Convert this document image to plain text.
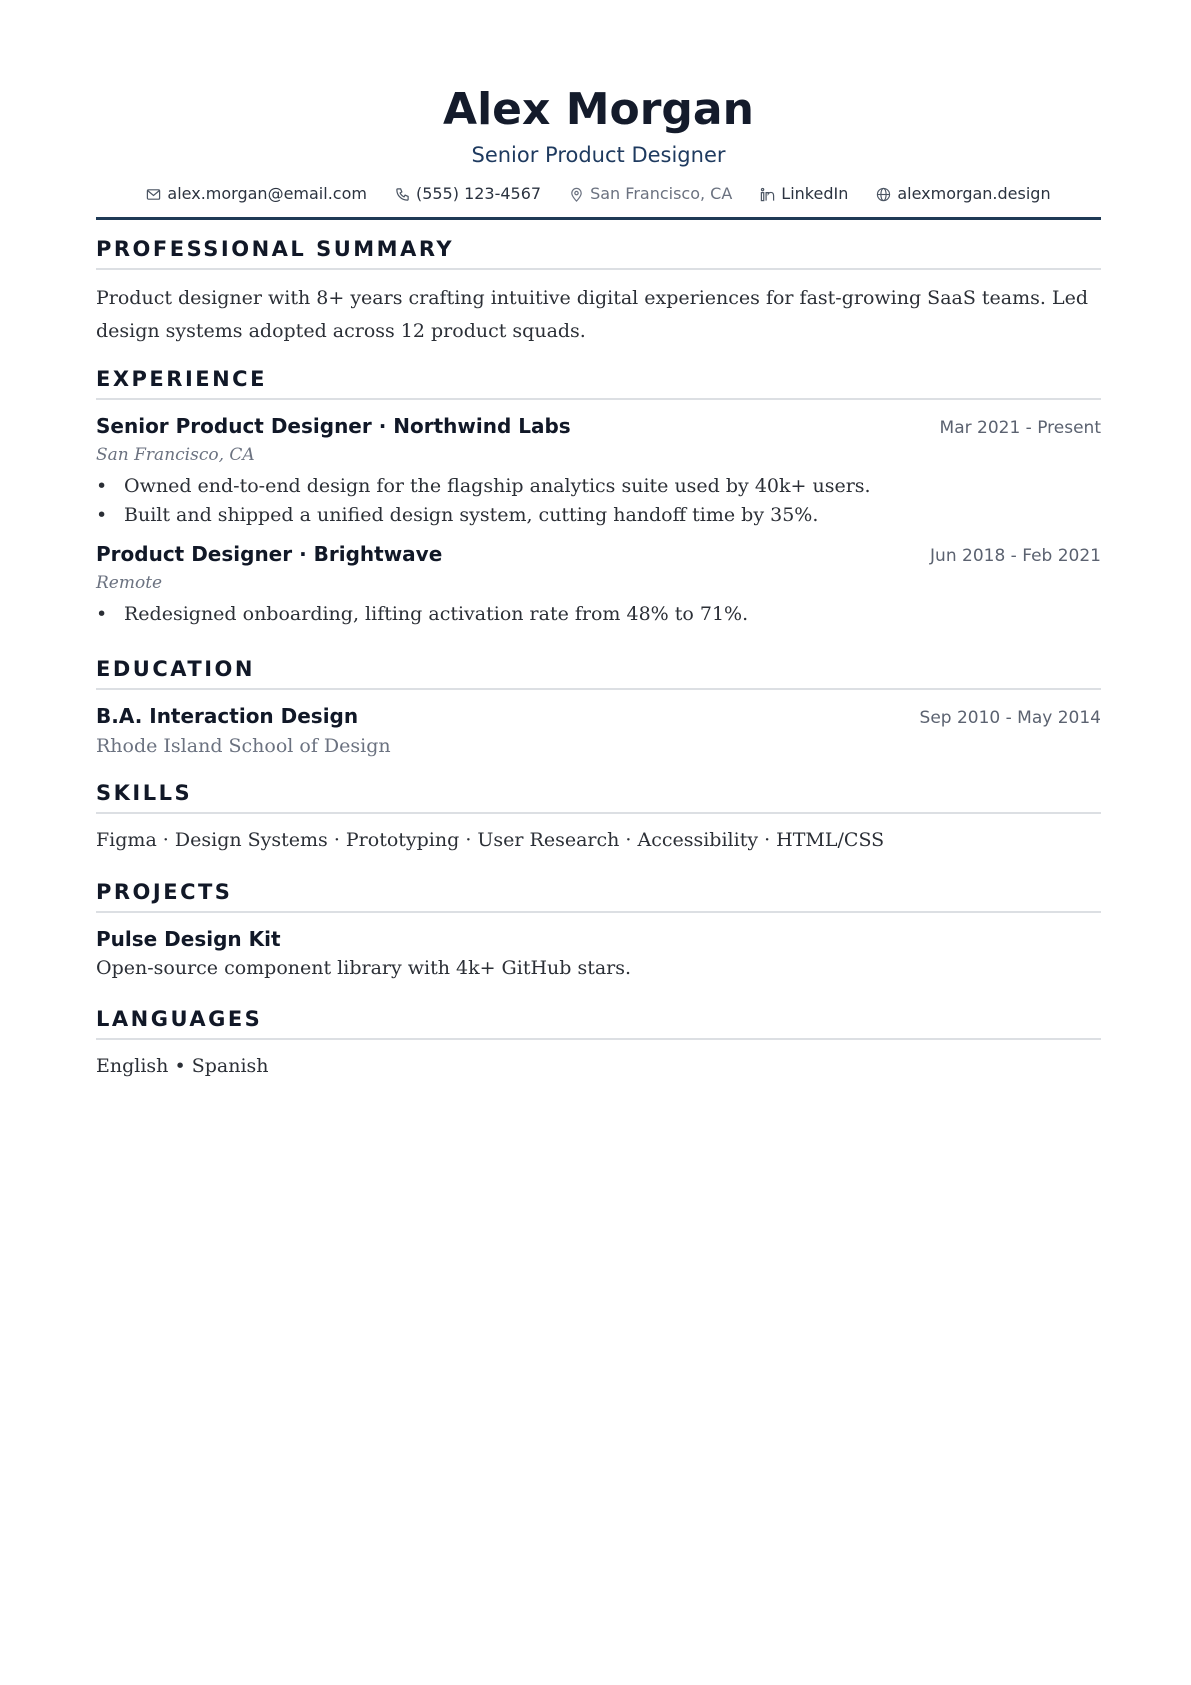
Alex Morgan
Senior Product Designer
alex.morgan@email.com	(555) 123-4567	San Francisco, CA	LinkedIn	alexmorgan.design
PROFESSIONAL SUMMARY
Product designer with 8+ years crafting intuitive digital experiences for fast-growing SaaS teams. Led design systems adopted across 12 product squads.
EXPERIENCE
Senior Product Designer · Northwind Labs	Mar 2021 - Present
San Francisco, CA
• Owned end-to-end design for the flagship analytics suite used by 40k+ users.
• Built and shipped a unified design system, cutting handoff time by 35%.
Product Designer · Brightwave	Jun 2018 - Feb 2021
Remote
• Redesigned onboarding, lifting activation rate from 48% to 71%.
EDUCATION
B.A. Interaction Design	Sep 2010 - May 2014
Rhode Island School of Design
SKILLS
Figma · Design Systems · Prototyping · User Research · Accessibility · HTML/CSS
PROJECTS
Pulse Design Kit
Open-source component library with 4k+ GitHub stars.
LANGUAGES
English • Spanish
